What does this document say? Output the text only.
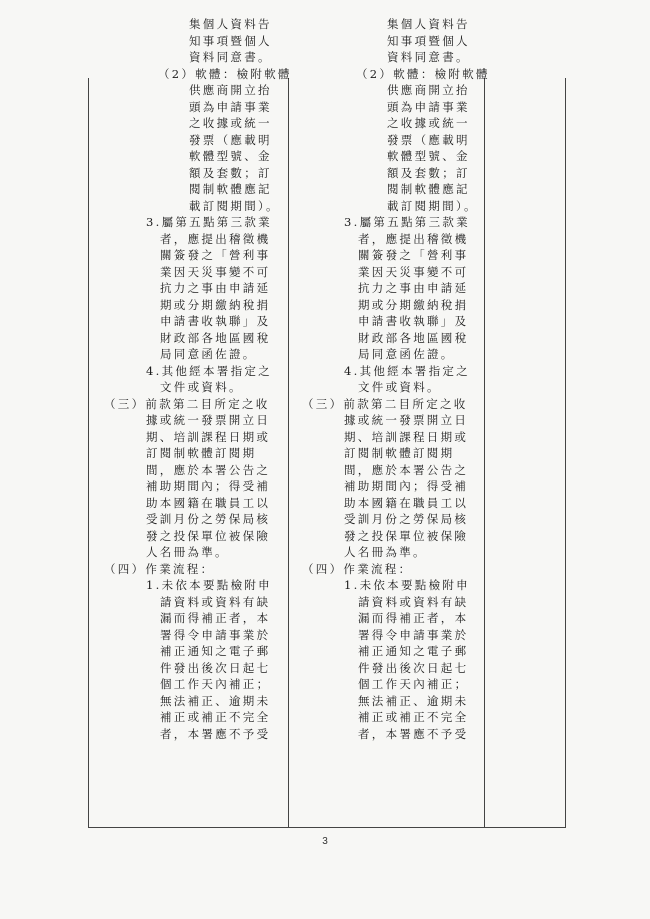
集個人資料告
知事項暨個人
資料同意書。
（2）軟體：檢附軟體
供應商開立抬
頭為申請事業
之收據或統一
發票（應載明
軟體型號、金
額及套數；訂
閱制軟體應記
載訂閱期間）。
3.屬第五點第三款業
者，應提出稽徵機
關簽發之「營利事
業因天災事變不可
抗力之事由申請延
期或分期繳納稅捐
申請書收執聯」及
財政部各地區國稅
局同意函佐證。
4.其他經本署指定之
文件或資料。
（三）前款第二目所定之收
據或統一發票開立日
期、培訓課程日期或
訂閱制軟體訂閱期
間，應於本署公告之
補助期間內；得受補
助本國籍在職員工以
受訓月份之勞保局核
發之投保單位被保險
人名冊為準。
（四）作業流程：
1.未依本要點檢附申
請資料或資料有缺
漏而得補正者，本
署得令申請事業於
補正通知之電子郵
件發出後次日起七
個工作天內補正；
無法補正、逾期未
補正或補正不完全
者，本署應不予受
集個人資料告
知事項暨個人
資料同意書。
（2）軟體：檢附軟體
供應商開立抬
頭為申請事業
之收據或統一
發票（應載明
軟體型號、金
額及套數；訂
閱制軟體應記
載訂閱期間）。
3.屬第五點第三款業
者，應提出稽徵機
關簽發之「營利事
業因天災事變不可
抗力之事由申請延
期或分期繳納稅捐
申請書收執聯」及
財政部各地區國稅
局同意函佐證。
4.其他經本署指定之
文件或資料。
（三）前款第二目所定之收
據或統一發票開立日
期、培訓課程日期或
訂閱制軟體訂閱期
間，應於本署公告之
補助期間內；得受補
助本國籍在職員工以
受訓月份之勞保局核
發之投保單位被保險
人名冊為準。
（四）作業流程：
1.未依本要點檢附申
請資料或資料有缺
漏而得補正者，本
署得令申請事業於
補正通知之電子郵
件發出後次日起七
個工作天內補正；
無法補正、逾期未
補正或補正不完全
者，本署應不予受
3
